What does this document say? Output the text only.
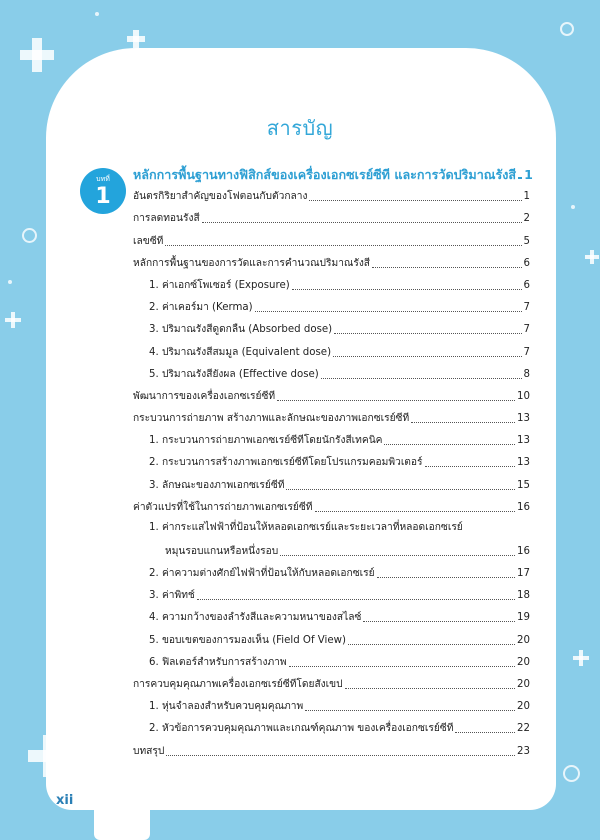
สารบัญ
บทที่
1
หลักการพื้นฐานทางฟิสิกส์ของเครื่องเอกซเรย์ซีที และการวัดปริมาณรังสี 1
อันตรกิริยาสำคัญของโฟตอนกับตัวกลาง	1
การลดทอนรังสี	2
เลขซีที	5
หลักการพื้นฐานของการวัดและการคำนวณปริมาณรังสี	6
1. ค่าเอกซ์โพเซอร์ (Exposure)	6
2. ค่าเคอร์มา (Kerma)	7
3. ปริมาณรังสีดูดกลืน (Absorbed dose)	7
4. ปริมาณรังสีสมมูล (Equivalent dose)	7
5. ปริมาณรังสียังผล (Effective dose)	8
พัฒนาการของเครื่องเอกซเรย์ซีที	10
กระบวนการถ่ายภาพ สร้างภาพและลักษณะของภาพเอกซเรย์ซีที	13
1. กระบวนการถ่ายภาพเอกซเรย์ซีทีโดยนักรังสีเทคนิค	13
2. กระบวนการสร้างภาพเอกซเรย์ซีทีโดยโปรแกรมคอมพิวเตอร์	13
3. ลักษณะของภาพเอกซเรย์ซีที	15
ค่าตัวแปรที่ใช้ในการถ่ายภาพเอกซเรย์ซีที	16
1. ค่ากระแสไฟฟ้าที่ป้อนให้หลอดเอกซเรย์และระยะเวลาที่หลอดเอกซเรย์
หมุนรอบแกนหรือหนึ่งรอบ	16
2. ค่าความต่างศักย์ไฟฟ้าที่ป้อนให้กับหลอดเอกซเรย์	17
3. ค่าพิทช์	18
4. ความกว้างของลำรังสีและความหนาของสไลซ์	19
5. ขอบเขตของการมองเห็น (Field Of View)	20
6. ฟิลเตอร์สำหรับการสร้างภาพ	20
การควบคุมคุณภาพเครื่องเอกซเรย์ซีทีโดยสังเขป	20
1. หุ่นจำลองสำหรับควบคุมคุณภาพ	20
2. หัวข้อการควบคุมคุณภาพและเกณฑ์คุณภาพ ของเครื่องเอกซเรย์ซีที	22
บทสรุป	23
xii
